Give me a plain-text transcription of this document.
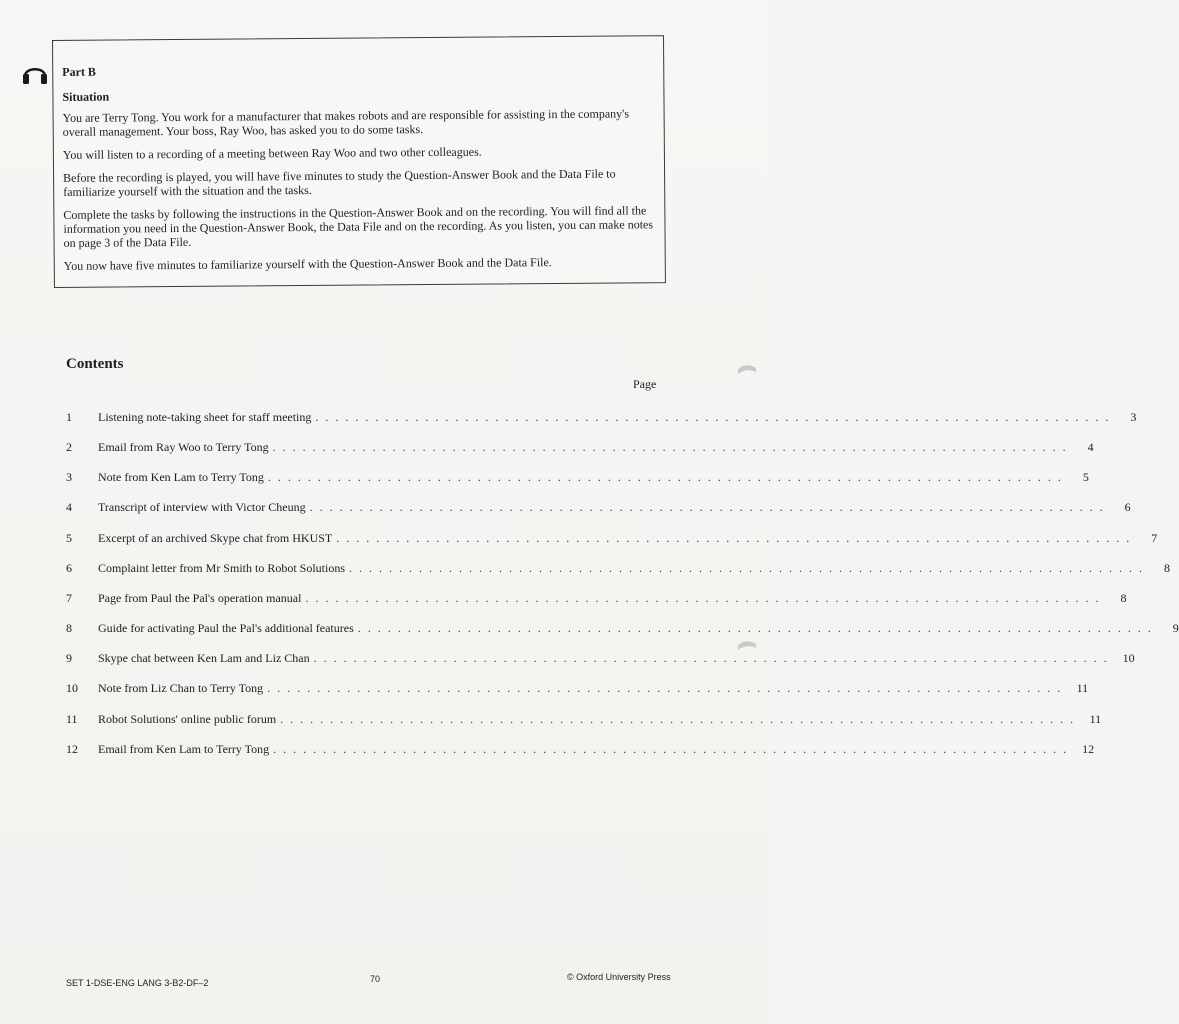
Part B
Situation

You are Terry Tong. You work for a manufacturer that makes robots and are responsible for assisting in the company's overall management. Your boss, Ray Woo, has asked you to do some tasks.

You will listen to a recording of a meeting between Ray Woo and two other colleagues.

Before the recording is played, you will have five minutes to study the Question-Answer Book and the Data File to familiarize yourself with the situation and the tasks.

Complete the tasks by following the instructions in the Question-Answer Book and on the recording. You will find all the information you need in the Question-Answer Book, the Data File and on the recording. As you listen, you can make notes on page 3 of the Data File.

You now have five minutes to familiarize yourself with the Question-Answer Book and the Data File.

Contents
Page
1	Listening note-taking sheet for staff meeting . . . . . . . . . . . . . . . . . . . . . . . . . . . . . . . . . . . . . . . . . . . . . . . . . . . . . . . . . . . . . . . . . . . . . . . . . . . . . . . .	3
2	Email from Ray Woo to Terry Tong . . . . . . . . . . . . . . . . . . . . . . . . . . . . . . . . . . . . . . . . . . . . . . . . . . . . . . . . . . . . . . . . . . . . . . . . . . . . . . . .	4
3	Note from Ken Lam to Terry Tong . . . . . . . . . . . . . . . . . . . . . . . . . . . . . . . . . . . . . . . . . . . . . . . . . . . . . . . . . . . . . . . . . . . . . . . . . . . . . . . .	5
4	Transcript of interview with Victor Cheung . . . . . . . . . . . . . . . . . . . . . . . . . . . . . . . . . . . . . . . . . . . . . . . . . . . . . . . . . . . . . . . . . . . . . . . . . . . . . . . .	6
5	Excerpt of an archived Skype chat from HKUST . . . . . . . . . . . . . . . . . . . . . . . . . . . . . . . . . . . . . . . . . . . . . . . . . . . . . . . . . . . . . . . . . . . . . . . . . . . . . . . .	7
6	Complaint letter from Mr Smith to Robot Solutions . . . . . . . . . . . . . . . . . . . . . . . . . . . . . . . . . . . . . . . . . . . . . . . . . . . . . . . . . . . . . . . . . . . . . . . . . . . . . . . .	8
7	Page from Paul the Pal's operation manual . . . . . . . . . . . . . . . . . . . . . . . . . . . . . . . . . . . . . . . . . . . . . . . . . . . . . . . . . . . . . . . . . . . . . . . . . . . . . . . .	8
8	Guide for activating Paul the Pal's additional features . . . . . . . . . . . . . . . . . . . . . . . . . . . . . . . . . . . . . . . . . . . . . . . . . . . . . . . . . . . . . . . . . . . . . . . . . . . . . . . .	9
9	Skype chat between Ken Lam and Liz Chan . . . . . . . . . . . . . . . . . . . . . . . . . . . . . . . . . . . . . . . . . . . . . . . . . . . . . . . . . . . . . . . . . . . . . . . . . . . . . . . .	10
10	Note from Liz Chan to Terry Tong . . . . . . . . . . . . . . . . . . . . . . . . . . . . . . . . . . . . . . . . . . . . . . . . . . . . . . . . . . . . . . . . . . . . . . . . . . . . . . . .	11
11	Robot Solutions' online public forum . . . . . . . . . . . . . . . . . . . . . . . . . . . . . . . . . . . . . . . . . . . . . . . . . . . . . . . . . . . . . . . . . . . . . . . . . . . . . . . .	11
12	Email from Ken Lam to Terry Tong . . . . . . . . . . . . . . . . . . . . . . . . . . . . . . . . . . . . . . . . . . . . . . . . . . . . . . . . . . . . . . . . . . . . . . . . . . . . . . . .	12
SET 1-DSE-ENG LANG 3-B2-DF–2	70	© Oxford University Press
